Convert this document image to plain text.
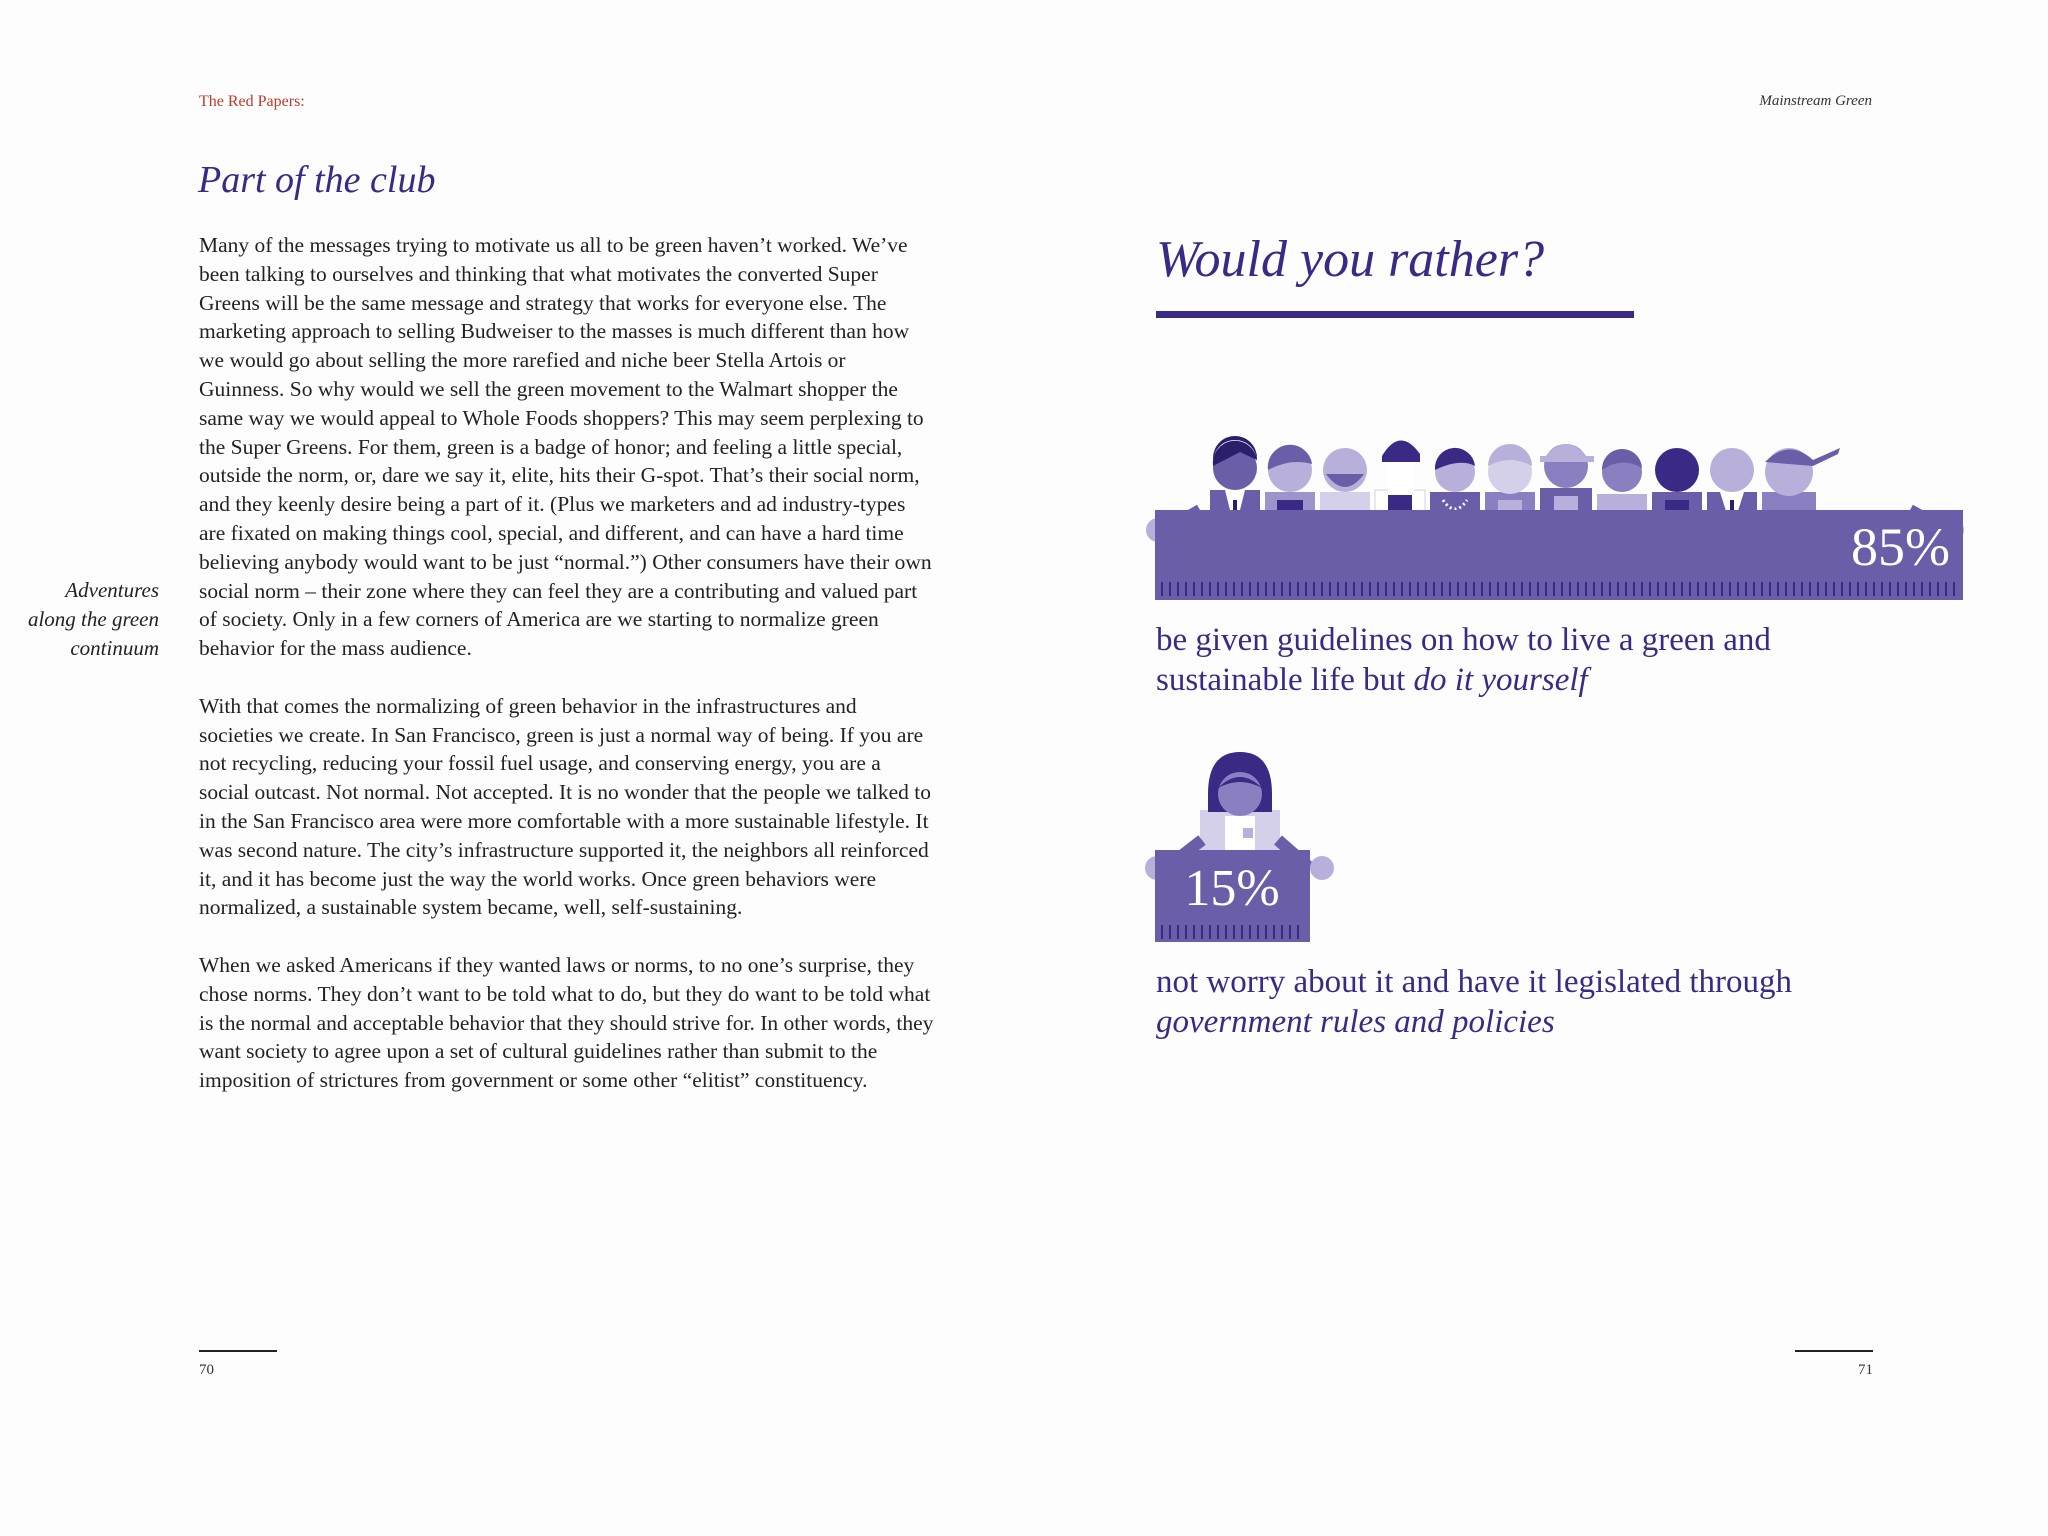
The Red Papers:	Mainstream Green
Part of the club
Adventures
along the green
continuum

Many of the messages trying to motivate us all to be green haven’t worked. We’ve been talking to ourselves and thinking that what motivates the converted Super Greens will be the same message and strategy that works for everyone else. The marketing approach to selling Budweiser to the masses is much different than how we would go about selling the more rarefied and niche beer Stella Artois or Guinness. So why would we sell the green movement to the Walmart shopper the same way we would appeal to Whole Foods shoppers? This may seem perplexing to the Super Greens. For them, green is a badge of honor; and feeling a little special, outside the norm, or, dare we say it, elite, hits their G-spot. That’s their social norm, and they keenly desire being a part of it. (Plus we marketers and ad industry-types are fixated on making things cool, special, and different, and can have a hard time believing anybody would want to be just “normal.”) Other consumers have their own social norm – their zone where they can feel they are a contributing and valued part of society. Only in a few corners of America are we starting to normalize green behavior for the mass audience.

With that comes the normalizing of green behavior in the infrastructures and societies we create. In San Francisco, green is just a normal way of being. If you are not recycling, reducing your fossil fuel usage, and conserving energy, you are a social outcast. Not normal. Not accepted. It is no wonder that the people we talked to in the San Francisco area were more comfortable with a more sustainable lifestyle. It was second nature. The city’s infrastructure supported it, the neighbors all reinforced it, and it has become just the way the world works. Once green behaviors were normalized, a sustainable system became, well, self-sustaining.

When we asked Americans if they wanted laws or norms, to no one’s surprise, they chose norms. They don’t want to be told what to do, but they do want to be told what is the normal and acceptable behavior that they should strive for. In other words, they want society to agree upon a set of cultural guidelines rather than submit to the imposition of strictures from government or some other “elitist” constituency.

70	71
Would you rather?
85%
be given guidelines on how to live a green and sustainable life but do it yourself
15%
not worry about it and have it legislated through
government rules and policies
